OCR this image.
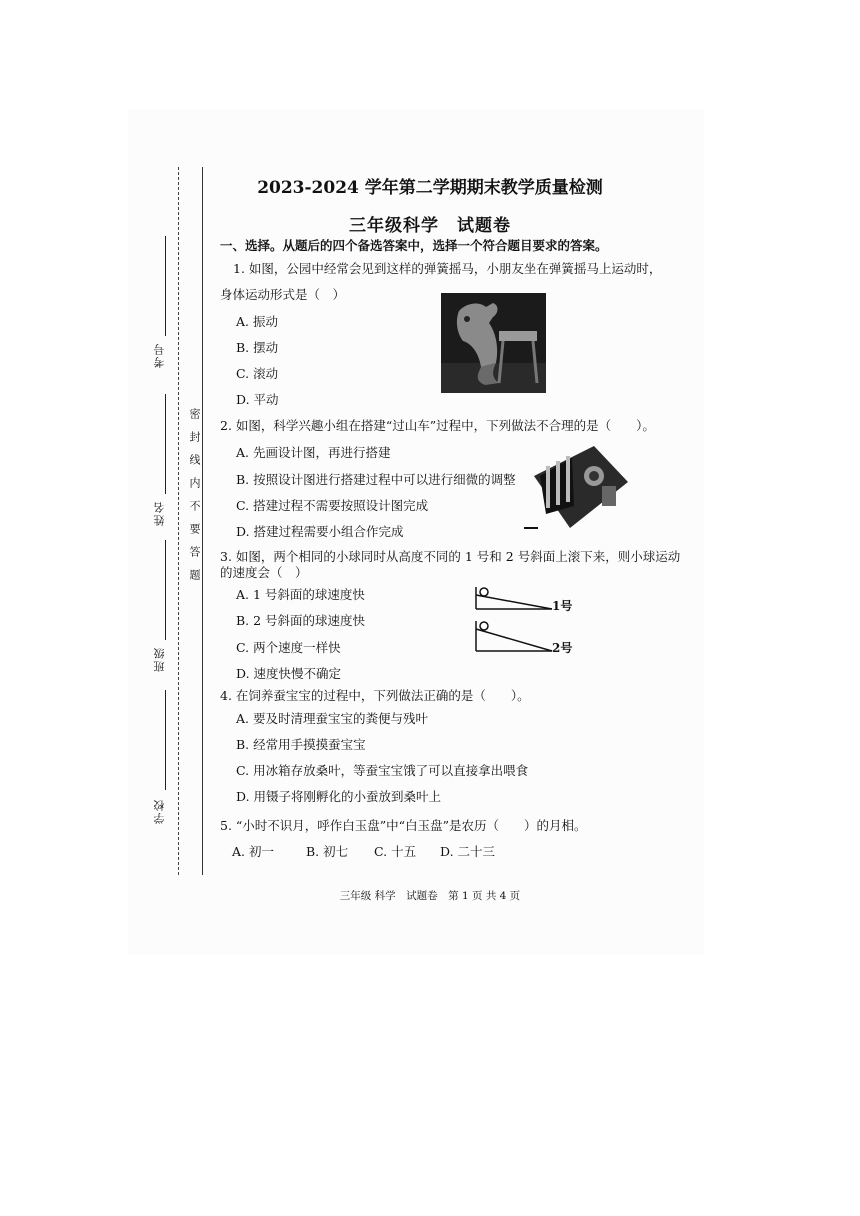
考号
姓名
班级
学校
密封线内不要答题
2023-2024 学年第二学期期末教学质量检测
三年级科学　试题卷
一、选择。从题后的四个备选答案中，选择一个符合题目要求的答案。
1. 如图，公园中经常会见到这样的弹簧摇马，小朋友坐在弹簧摇马上运动时，
身体运动形式是（　）
A. 振动
B. 摆动
C. 滚动
D. 平动
2. 如图，科学兴趣小组在搭建“过山车”过程中，下列做法不合理的是（　　）。
A. 先画设计图，再进行搭建
B. 按照设计图进行搭建过程中可以进行细微的调整
C. 搭建过程不需要按照设计图完成
D. 搭建过程需要小组合作完成
3. 如图，两个相同的小球同时从高度不同的 1 号和 2 号斜面上滚下来，则小球运动
的速度会（　）
A. 1 号斜面的球速度快
B. 2 号斜面的球速度快
C. 两个速度一样快
D. 速度快慢不确定
1号
2号
4. 在饲养蚕宝宝的过程中，下列做法正确的是（　　）。
A. 要及时清理蚕宝宝的粪便与残叶
B. 经常用手摸摸蚕宝宝
C. 用冰箱存放桑叶，等蚕宝宝饿了可以直接拿出喂食
D. 用镊子将刚孵化的小蚕放到桑叶上
5. “小时不识月，呼作白玉盘”中“白玉盘”是农历（　　）的月相。
A. 初一	B. 初七 C. 十五 D. 二十三
三年级 科学　试题卷　第 1 页 共 4 页
